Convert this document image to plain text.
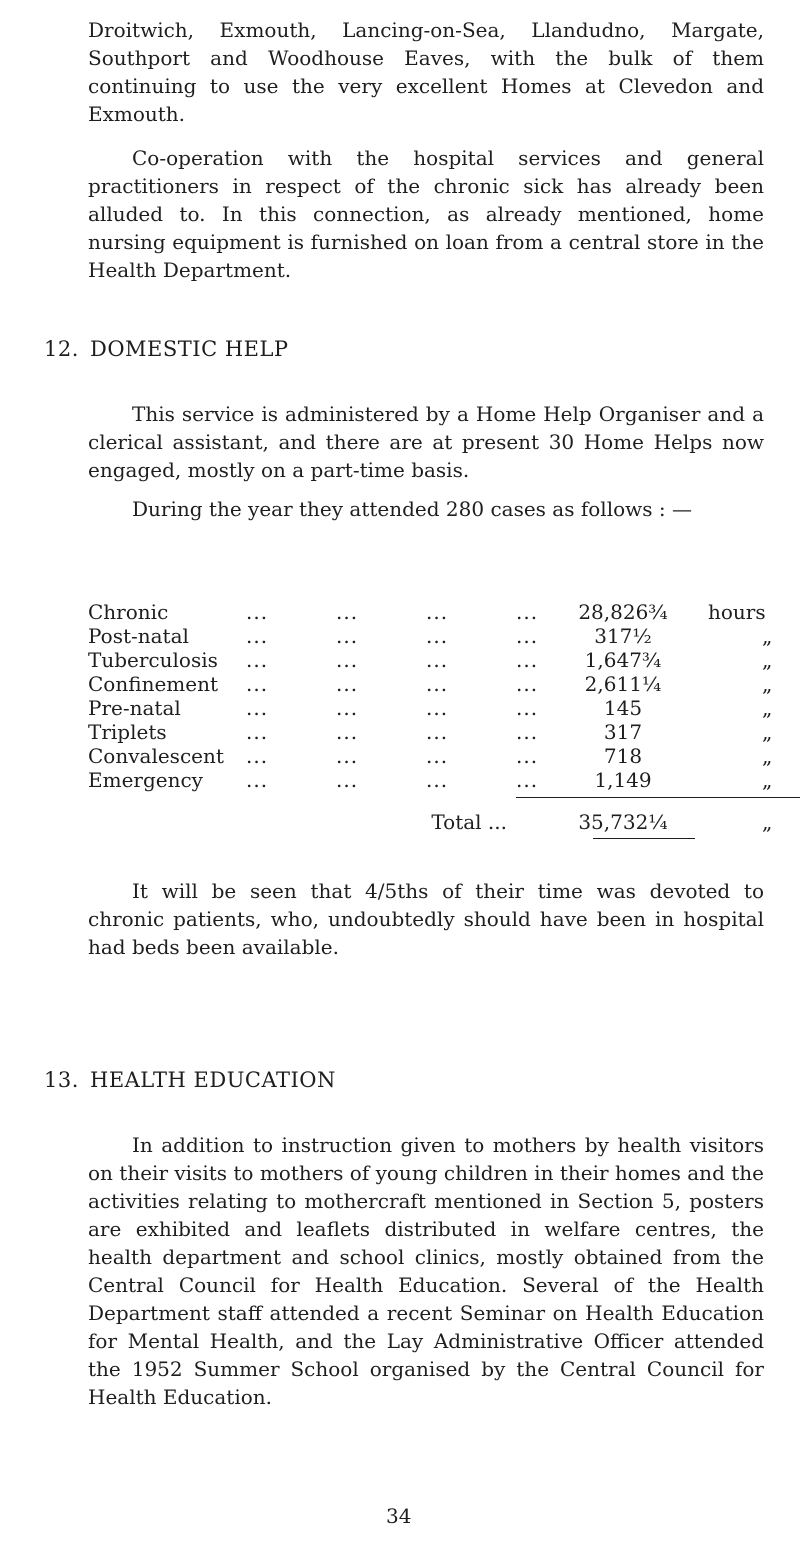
Droitwich, Exmouth, Lancing-on-Sea, Llandudno, Margate, Southport and Woodhouse Eaves, with the bulk of them continuing to use the very excellent Homes at Clevedon and Exmouth.

Co-operation with the hospital services and general practitioners in respect of the chronic sick has already been alluded to. In this connection, as already mentioned, home nursing equipment is furnished on loan from a central store in the Health Department.

12. DOMESTIC HELP

This service is administered by a Home Help Organiser and a clerical assistant, and there are at present 30 Home Helps now engaged, mostly on a part-time basis.

During the year they attended 280 cases as follows : —

Chronic	...	...	...	...	28,826¾	hours
Post-natal	...	...	...	...	317½	„
Tuberculosis ...	...	...	...	1,647¾	„
Confinement ...	...	...	...	2,611¼	„
Pre-natal	...	...	...	...	145	„
Triplets	...	...	...	...	317	„
Convalescent ...	...	...	...	718	„
Emergency ...	...	...	...	1,149	„
Total ...	35,732¼	„

It will be seen that 4/5ths of their time was devoted to chronic patients, who, undoubtedly should have been in hospital had beds been available.

13. HEALTH EDUCATION

In addition to instruction given to mothers by health visitors on their visits to mothers of young children in their homes and the activities relating to mothercraft mentioned in Section 5, posters are exhibited and leaflets distributed in welfare centres, the health department and school clinics, mostly obtained from the Central Council for Health Education. Several of the Health Department staff attended a recent Seminar on Health Education for Mental Health, and the Lay Administrative Officer attended the 1952 Summer School organised by the Central Council for Health Education.

34
